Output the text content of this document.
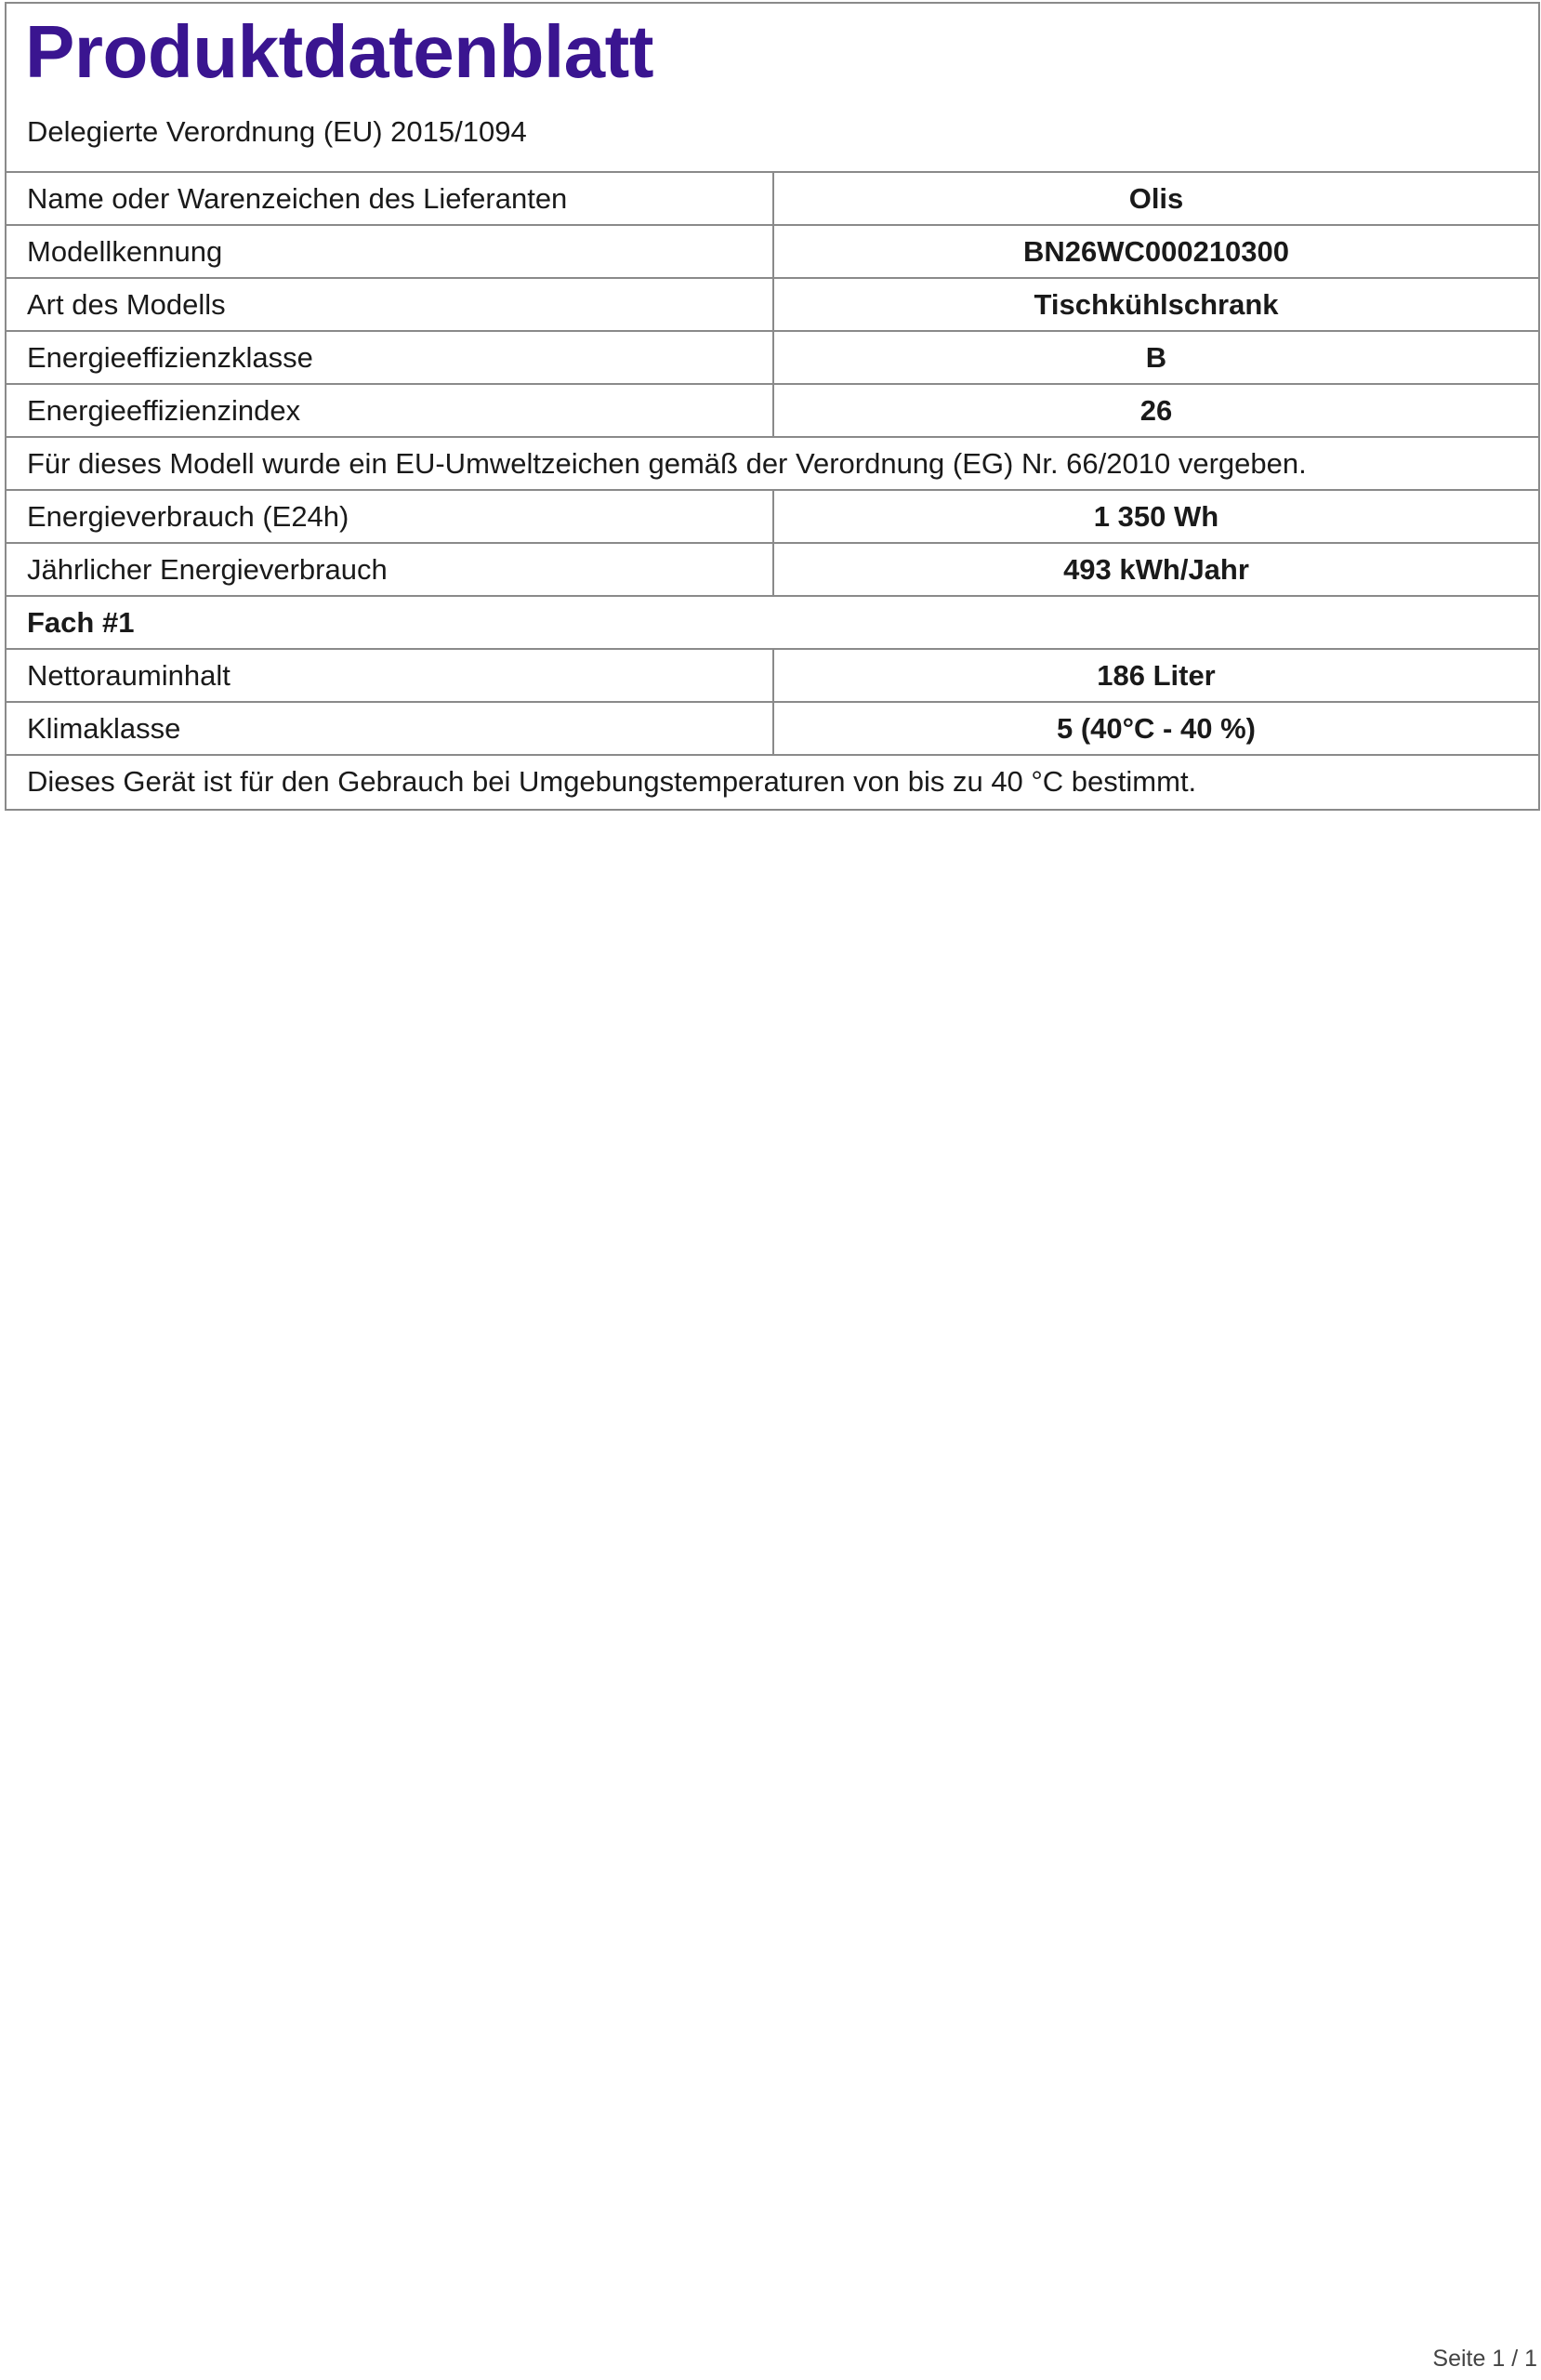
Produktdatenblatt
Delegierte Verordnung (EU) 2015/1094
Name oder Warenzeichen des Lieferanten	Olis
Modellkennung	BN26WC000210300
Art des Modells	Tischkühlschrank
Energieeffizienzklasse	B
Energieeffizienzindex	26
Für dieses Modell wurde ein EU-Umweltzeichen gemäß der Verordnung (EG) Nr. 66/2010 vergeben.
Energieverbrauch (E24h)	1 350 Wh
Jährlicher Energieverbrauch	493 kWh/Jahr
Fach #1
Nettorauminhalt	186 Liter
Klimaklasse	5 (40°C - 40 %)
Dieses Gerät ist für den Gebrauch bei Umgebungstemperaturen von bis zu 40 °C bestimmt.
Seite 1 / 1
